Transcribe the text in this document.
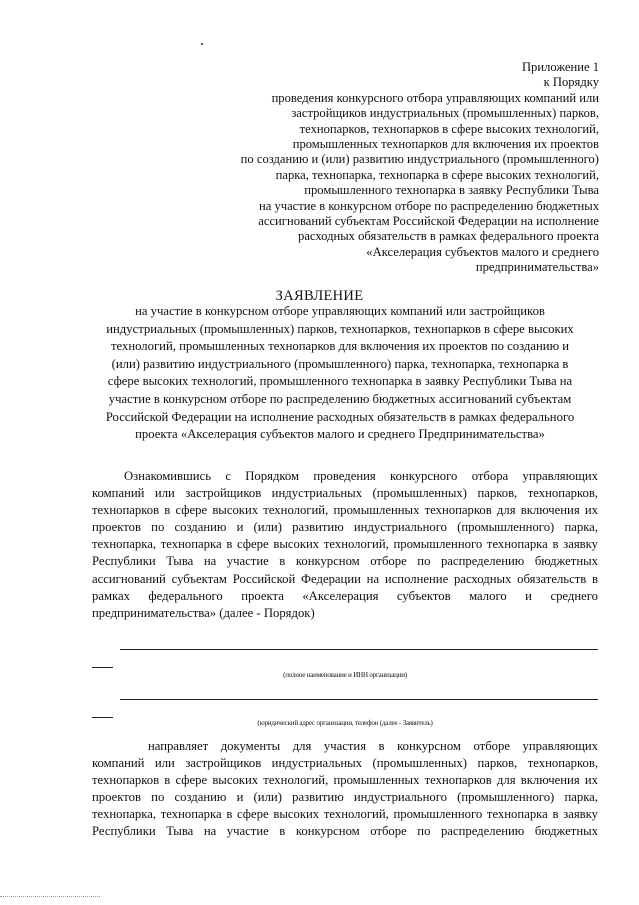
Приложение 1
к Порядку
проведения конкурсного отбора управляющих компаний или
застройщиков индустриальных (промышленных) парков,
технопарков, технопарков в сфере высоких технологий,
промышленных технопарков для включения их проектов
по созданию и (или) развитию индустриального (промышленного)
парка, технопарка, технопарка в сфере высоких технологий,
промышленного технопарка в заявку Республики Тыва
на участие в конкурсном отборе по распределению бюджетных
ассигнований субъектам Российской Федерации на исполнение
расходных обязательств в рамках федерального проекта
«Акселерация субъектов малого и среднего
предпринимательства»
ЗАЯВЛЕНИЕ
на участие в конкурсном отборе управляющих компаний или застройщиков
индустриальных (промышленных) парков, технопарков, технопарков в сфере высоких
технологий, промышленных технопарков для включения их проектов по созданию и
(или) развитию индустриального (промышленного) парка, технопарка, технопарка в
сфере высоких технологий, промышленного технопарка в заявку Республики Тыва на
участие в конкурсном отборе по распределению бюджетных ассигнований субъектам
Российской Федерации на исполнение расходных обязательств в рамках федерального
проекта «Акселерация субъектов малого и среднего Предпринимательства»
Ознакомившись с Порядком проведения конкурсного отбора управляющих
компаний или застройщиков индустриальных (промышленных) парков, технопарков,
технопарков в сфере высоких технологий, промышленных технопарков для включения их
проектов по созданию и (или) развитию индустриального (промышленного) парка,
технопарка, технопарка в сфере высоких технологий, промышленного технопарка в заявку
Республики Тыва на участие в конкурсном отборе по распределению бюджетных
ассигнований субъектам Российской Федерации на исполнение расходных обязательств в
рамках федерального проекта «Акселерация субъектов малого и среднего
предпринимательства» (далее - Порядок)
(полное наименование и ИНН организации)
(юридический адрес организации, телефон (далее - Заявитель)
направляет документы для участия в конкурсном отборе управляющих
компаний или застройщиков индустриальных (промышленных) парков, технопарков,
технопарков в сфере высоких технологий, промышленных технопарков для включения их
проектов по созданию и (или) развитию индустриального (промышленного) парка,
технопарка, технопарка в сфере высоких технологий, промышленного технопарка в заявку
Республики Тыва на участие в конкурсном отборе по распределению бюджетных
